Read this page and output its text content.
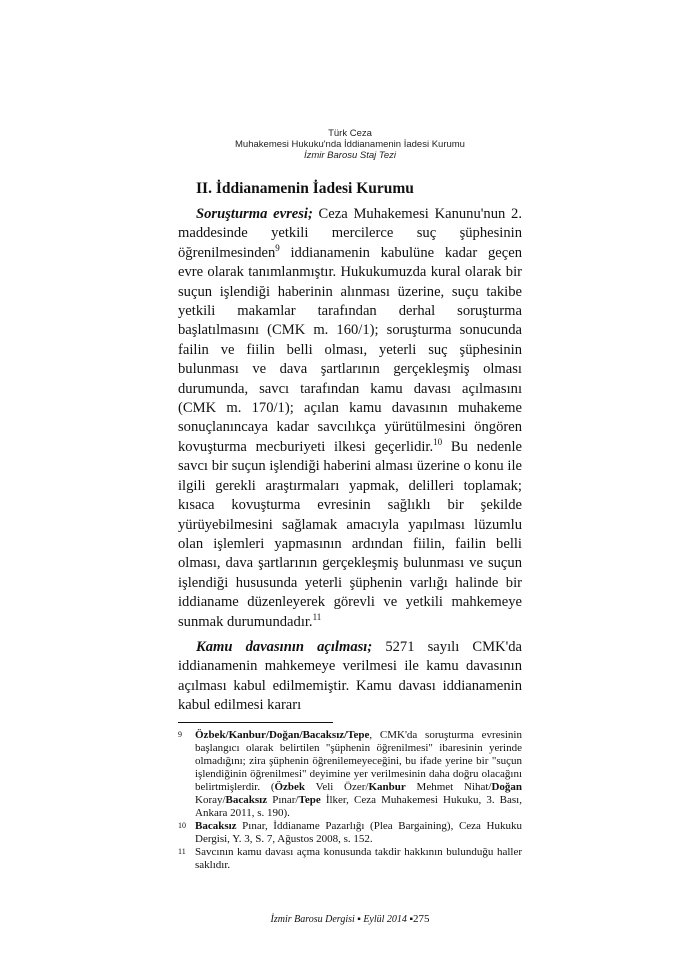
Türk Ceza
Muhakemesi Hukuku'nda İddianamenin İadesi Kurumu
İzmir Barosu Staj Tezi
II. İddianamenin İadesi Kurumu

Soruşturma evresi; Ceza Muhakemesi Kanunu'nun 2. maddesinde yetkili mercilerce suç şüphesinin öğrenilmesinden$^9$ iddianamenin kabulüne kadar geçen evre olarak tanımlanmıştır. Hukukumuzda kural olarak bir suçun işlendiği haberinin alınması üzerine, suçu takibe yetkili makamlar tarafından derhal soruşturma başlatılmasını (CMK m. 160/1); soruşturma sonucunda failin ve fiilin belli olması, yeterli suç şüphesinin bulunması ve dava şartlarının gerçekleşmiş olması durumunda, savcı tarafından kamu davası açılmasını (CMK m. 170/1); açılan kamu davasının muhakeme sonuçlanıncaya kadar savcılıkça yürütülmesini öngören kovuşturma mecburiyeti ilkesi geçerlidir.$^{10}$ Bu nedenle savcı bir suçun işlendiği haberini alması üzerine o konu ile ilgili gerekli araştırmaları yapmak, delilleri toplamak; kısaca kovuşturma evresinin sağlıklı bir şekilde yürüyebilmesini sağlamak amacıyla yapılması lüzumlu olan işlemleri yapmasının ardından fiilin, failin belli olması, dava şartlarının gerçekleşmiş bulunması ve suçun işlendiği hususunda yeterli şüphenin varlığı halinde bir iddianame düzenleyerek görevli ve yetkili mahkemeye sunmak durumundadır.$^{11}$

Kamu davasının açılması; 5271 sayılı CMK'da iddianamenin mahkemeye verilmesi ile kamu davasının açılması kabul edilmemiştir. Kamu davası iddianamenin kabul edilmesi kararı

9	Özbek/Kanbur/Doğan/Bacaksız/Tepe, CMK'da soruşturma evresinin başlangıcı olarak belirtilen "şüphenin öğrenilmesi" ibaresinin yerinde olmadığını; zira şüphenin öğrenilemeyeceğini, bu ifade yerine bir "suçun işlendiğinin öğrenilmesi" deyimine yer verilmesinin daha doğru olacağını belirtmişlerdir. (Özbek Veli Özer/Kanbur Mehmet Nihat/Doğan Koray/Bacaksız Pınar/Tepe İlker, Ceza Muhakemesi Hukuku, 3. Bası, Ankara 2011, s. 190).
10 Bacaksız Pınar, İddianame Pazarlığı (Plea Bargaining), Ceza Hukuku Dergisi, Y. 3, S. 7, Ağustos 2008, s. 152.
11 Savcının kamu davası açma konusunda takdir hakkının bulunduğu haller saklıdır.
İzmir Barosu Dergisi ▪ Eylül 2014 ▪275
